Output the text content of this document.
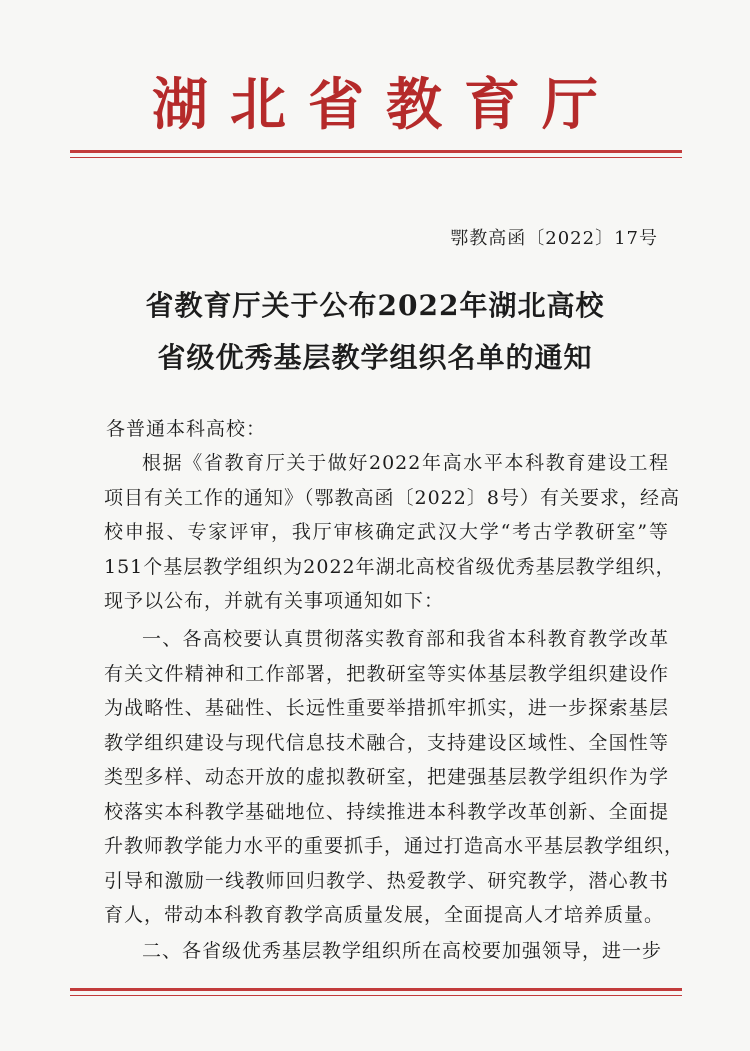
湖北省教育厅
鄂教高函〔2022〕17号
省教育厅关于公布2022年湖北高校
省级优秀基层教学组织名单的通知
各普通本科高校：
根据《省教育厅关于做好2022年高水平本科教育建设工程
项目有关工作的通知》（鄂教高函〔2022〕8号）有关要求，经高
校申报、专家评审，我厅审核确定武汉大学“考古学教研室”等
151个基层教学组织为2022年湖北高校省级优秀基层教学组织，
现予以公布，并就有关事项通知如下：
一、各高校要认真贯彻落实教育部和我省本科教育教学改革
有关文件精神和工作部署，把教研室等实体基层教学组织建设作
为战略性、基础性、长远性重要举措抓牢抓实，进一步探索基层
教学组织建设与现代信息技术融合，支持建设区域性、全国性等
类型多样、动态开放的虚拟教研室，把建强基层教学组织作为学
校落实本科教学基础地位、持续推进本科教学改革创新、全面提
升教师教学能力水平的重要抓手，通过打造高水平基层教学组织，
引导和激励一线教师回归教学、热爱教学、研究教学，潜心教书
育人，带动本科教育教学高质量发展，全面提高人才培养质量。
二、各省级优秀基层教学组织所在高校要加强领导，进一步
